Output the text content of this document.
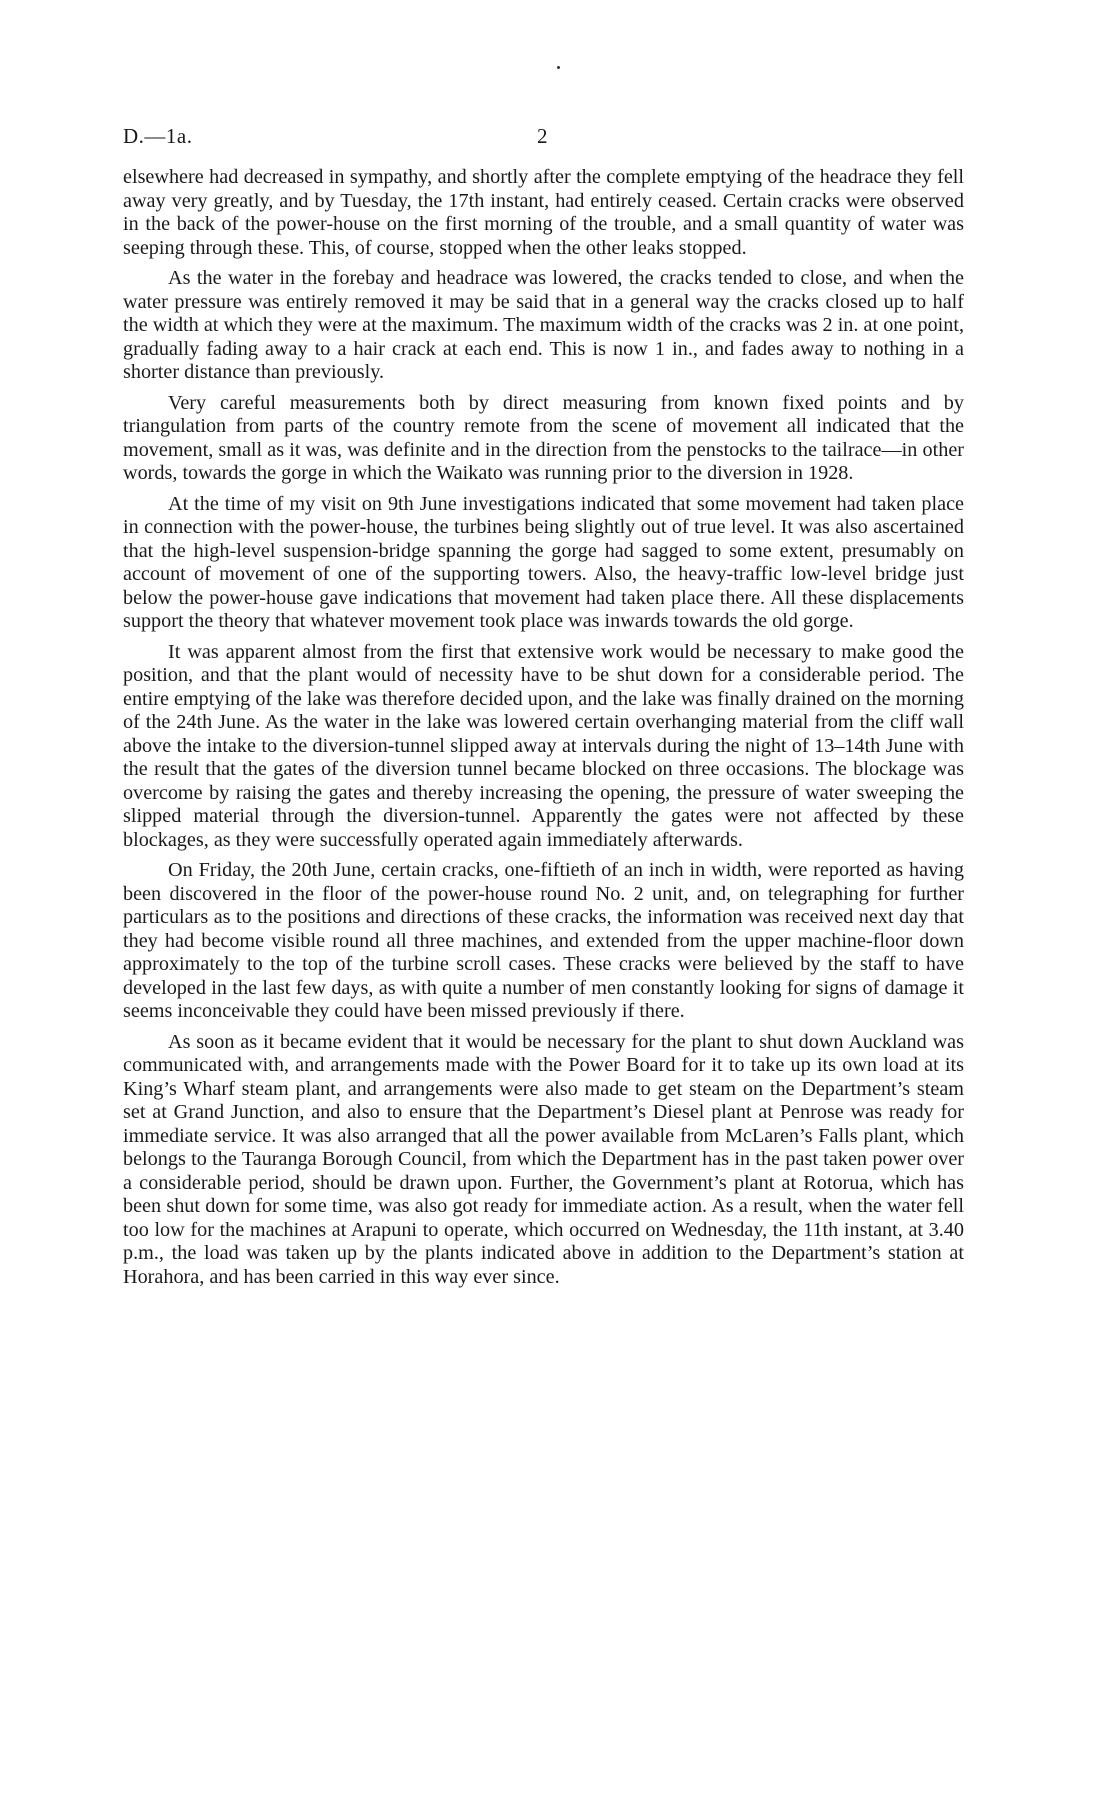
D.—1a.	2

elsewhere had decreased in sympathy, and shortly after the complete emptying of the headrace they fell away very greatly, and by Tuesday, the 17th instant, had entirely ceased. Certain cracks were observed in the back of the power-house on the first morning of the trouble, and a small quantity of water was seeping through these. This, of course, stopped when the other leaks stopped.

As the water in the forebay and headrace was lowered, the cracks tended to close, and when the water pressure was entirely removed it may be said that in a general way the cracks closed up to half the width at which they were at the maximum. The maximum width of the cracks was 2 in. at one point, gradually fading away to a hair crack at each end. This is now 1 in., and fades away to nothing in a shorter distance than previously.

Very careful measurements both by direct measuring from known fixed points and by triangulation from parts of the country remote from the scene of movement all indicated that the movement, small as it was, was definite and in the direction from the penstocks to the tailrace—in other words, towards the gorge in which the Waikato was running prior to the diversion in 1928.

At the time of my visit on 9th June investigations indicated that some movement had taken place in connection with the power-house, the turbines being slightly out of true level. It was also ascertained that the high-level suspension-bridge spanning the gorge had sagged to some extent, presumably on account of movement of one of the supporting towers. Also, the heavy-traffic low-level bridge just below the power-house gave indications that movement had taken place there. All these displacements support the theory that whatever movement took place was inwards towards the old gorge.

It was apparent almost from the first that extensive work would be necessary to make good the position, and that the plant would of necessity have to be shut down for a considerable period. The entire emptying of the lake was therefore decided upon, and the lake was finally drained on the morning of the 24th June. As the water in the lake was lowered certain overhanging material from the cliff wall above the intake to the diversion-tunnel slipped away at intervals during the night of 13–14th June with the result that the gates of the diversion tunnel became blocked on three occasions. The blockage was overcome by raising the gates and thereby increasing the opening, the pressure of water sweeping the slipped material through the diversion-tunnel. Apparently the gates were not affected by these blockages, as they were successfully operated again immediately afterwards.

On Friday, the 20th June, certain cracks, one-fiftieth of an inch in width, were reported as having been discovered in the floor of the power-house round No. 2 unit, and, on telegraphing for further particulars as to the positions and directions of these cracks, the information was received next day that they had become visible round all three machines, and extended from the upper machine-floor down approximately to the top of the turbine scroll cases. These cracks were believed by the staff to have developed in the last few days, as with quite a number of men constantly looking for signs of damage it seems inconceivable they could have been missed previously if there.

As soon as it became evident that it would be necessary for the plant to shut down Auckland was communicated with, and arrangements made with the Power Board for it to take up its own load at its King’s Wharf steam plant, and arrangements were also made to get steam on the Department’s steam set at Grand Junction, and also to ensure that the Department’s Diesel plant at Penrose was ready for immediate service. It was also arranged that all the power available from McLaren’s Falls plant, which belongs to the Tauranga Borough Council, from which the Department has in the past taken power over a considerable period, should be drawn upon. Further, the Government’s plant at Rotorua, which has been shut down for some time, was also got ready for immediate action. As a result, when the water fell too low for the machines at Arapuni to operate, which occurred on Wednesday, the 11th instant, at 3.40 p.m., the load was taken up by the plants indicated above in addition to the Department’s station at Horahora, and has been carried in this way ever since.
